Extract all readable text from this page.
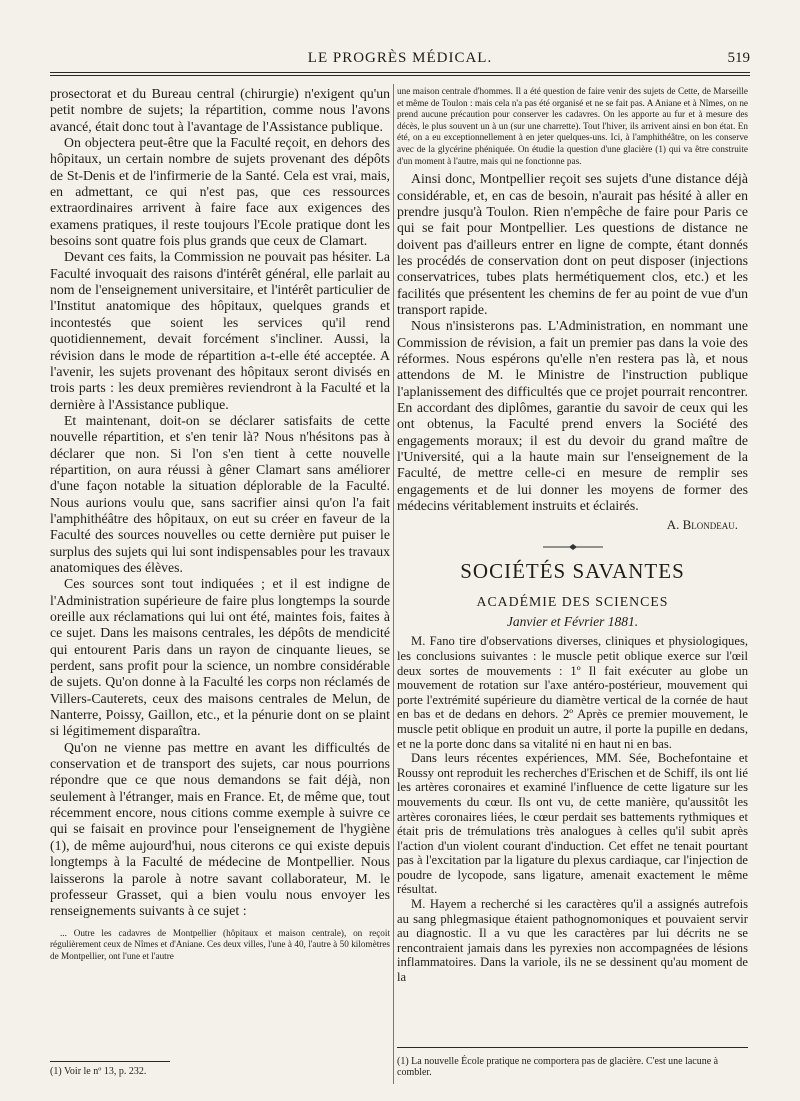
LE PROGRÈS MÉDICAL.	519

prosectorat et du Bureau central (chirurgie) n'exigent qu'un petit nombre de sujets; la répartition, comme nous l'avons avancé, était donc tout à l'avantage de l'Assistance publique.

On objectera peut-être que la Faculté reçoit, en dehors des hôpitaux, un certain nombre de sujets provenant des dépôts de St-Denis et de l'infirmerie de la Santé. Cela est vrai, mais, en admettant, ce qui n'est pas, que ces ressources extraordinaires arrivent à faire face aux exigences des examens pratiques, il reste toujours l'Ecole pratique dont les besoins sont quatre fois plus grands que ceux de Clamart.

Devant ces faits, la Commission ne pouvait pas hésiter. La Faculté invoquait des raisons d'intérêt général, elle parlait au nom de l'enseignement universitaire, et l'intérêt particulier de l'Institut anatomique des hôpitaux, quelques grands et incontestés que soient les services qu'il rend quotidiennement, devait forcément s'incliner. Aussi, la révision dans le mode de répartition a-t-elle été acceptée. A l'avenir, les sujets provenant des hôpitaux seront divisés en trois parts : les deux premières reviendront à la Faculté et la dernière à l'Assistance publique.

Et maintenant, doit-on se déclarer satisfaits de cette nouvelle répartition, et s'en tenir là? Nous n'hésitons pas à déclarer que non. Si l'on s'en tient à cette nouvelle répartition, on aura réussi à gêner Clamart sans améliorer d'une façon notable la situation déplorable de la Faculté. Nous aurions voulu que, sans sacrifier ainsi qu'on l'a fait l'amphithéâtre des hôpitaux, on eut su créer en faveur de la Faculté des sources nouvelles ou cette dernière put puiser le surplus des sujets qui lui sont indispensables pour les travaux anatomiques des élèves.

Ces sources sont tout indiquées ; et il est indigne de l'Administration supérieure de faire plus longtemps la sourde oreille aux réclamations qui lui ont été, maintes fois, faites à ce sujet. Dans les maisons centrales, les dépôts de mendicité qui entourent Paris dans un rayon de cinquante lieues, se perdent, sans profit pour la science, un nombre considérable de sujets. Qu'on donne à la Faculté les corps non réclamés de Villers-Cauterets, ceux des maisons centrales de Melun, de Nanterre, Poissy, Gaillon, etc., et la pénurie dont on se plaint si légitimement disparaîtra.

Qu'on ne vienne pas mettre en avant les difficultés de conservation et de transport des sujets, car nous pourrions répondre que ce que nous demandons se fait déjà, non seulement à l'étranger, mais en France. Et, de même que, tout récemment encore, nous citions comme exemple à suivre ce qui se faisait en province pour l'enseignement de l'hygiène (1), de même aujourd'hui, nous citerons ce qui existe depuis longtemps à la Faculté de médecine de Montpellier. Nous laisserons la parole à notre savant collaborateur, M. le professeur Grasset, qui a bien voulu nous envoyer les renseignements suivants à ce sujet :

... Outre les cadavres de Montpellier (hôpitaux et maison centrale), on reçoit régulièrement ceux de Nîmes et d'Aniane. Ces deux villes, l'une à 40, l'autre à 50 kilomètres de Montpellier, ont l'une et l'autre

(1) Voir le nº 13, p. 232.

une maison centrale d'hommes. Il a été question de faire venir des sujets de Cette, de Marseille et même de Toulon : mais cela n'a pas été organisé et ne se fait pas. A Aniane et à Nîmes, on ne prend aucune précaution pour conserver les cadavres. On les apporte au fur et à mesure des décès, le plus souvent un à un (sur une charrette). Tout l'hiver, ils arrivent ainsi en bon état. En été, on a eu exceptionnellement à en jeter quelques-uns. Ici, à l'amphithéâtre, on les conserve avec de la glycérine phéniquée. On étudie la question d'une glacière (1) qui va être construite d'un moment à l'autre, mais qui ne fonctionne pas.

Ainsi donc, Montpellier reçoit ses sujets d'une distance déjà considérable, et, en cas de besoin, n'aurait pas hésité à aller en prendre jusqu'à Toulon. Rien n'empêche de faire pour Paris ce qui se fait pour Montpellier. Les questions de distance ne doivent pas d'ailleurs entrer en ligne de compte, étant donnés les procédés de conservation dont on peut disposer (injections conservatrices, tubes plats hermétiquement clos, etc.) et les facilités que présentent les chemins de fer au point de vue d'un transport rapide.

Nous n'insisterons pas. L'Administration, en nommant une Commission de révision, a fait un premier pas dans la voie des réformes. Nous espérons qu'elle n'en restera pas là, et nous attendons de M. le Ministre de l'instruction publique l'aplanissement des difficultés que ce projet pourrait rencontrer. En accordant des diplômes, garantie du savoir de ceux qui les ont obtenus, la Faculté prend envers la Société des engagements moraux; il est du devoir du grand maître de l'Université, qui a la haute main sur l'enseignement de la Faculté, de mettre celle-ci en mesure de remplir ses engagements et de lui donner les moyens de former des médecins véritablement instruits et éclairés.

A. Blondeau.
SOCIÉTÉS SAVANTES
ACADÉMIE DES SCIENCES
Janvier et Février 1881.

M. Fano tire d'observations diverses, cliniques et physiologiques, les conclusions suivantes : le muscle petit oblique exerce sur l'œil deux sortes de mouvements : 1º Il fait exécuter au globe un mouvement de rotation sur l'axe antéro-postérieur, mouvement qui porte l'extrémité supérieure du diamètre vertical de la cornée de haut en bas et de dedans en dehors. 2º Après ce premier mouvement, le muscle petit oblique en produit un autre, il porte la pupille en dedans, et ne la porte donc dans sa vitalité ni en haut ni en bas.

Dans leurs récentes expériences, MM. Sée, Bochefontaine et Roussy ont reproduit les recherches d'Erischen et de Schiff, ils ont lié les artères coronaires et examiné l'influence de cette ligature sur les mouvements du cœur. Ils ont vu, de cette manière, qu'aussitôt les artères coronaires liées, le cœur perdait ses battements rythmiques et était pris de trémulations très analogues à celles qu'il subit après l'action d'un violent courant d'induction. Cet effet ne tenait pourtant pas à l'excitation par la ligature du plexus cardiaque, car l'injection de poudre de lycopode, sans ligature, amenait exactement le même résultat.

M. Hayem a recherché si les caractères qu'il a assignés autrefois au sang phlegmasique étaient pathognomoniques et pouvaient servir au diagnostic. Il a vu que les caractères par lui décrits ne se rencontraient jamais dans les pyrexies non accompagnées de lésions inflammatoires. Dans la variole, ils ne se dessinent qu'au moment de la

(1) La nouvelle École pratique ne comportera pas de glacière. C'est une lacune à combler.
